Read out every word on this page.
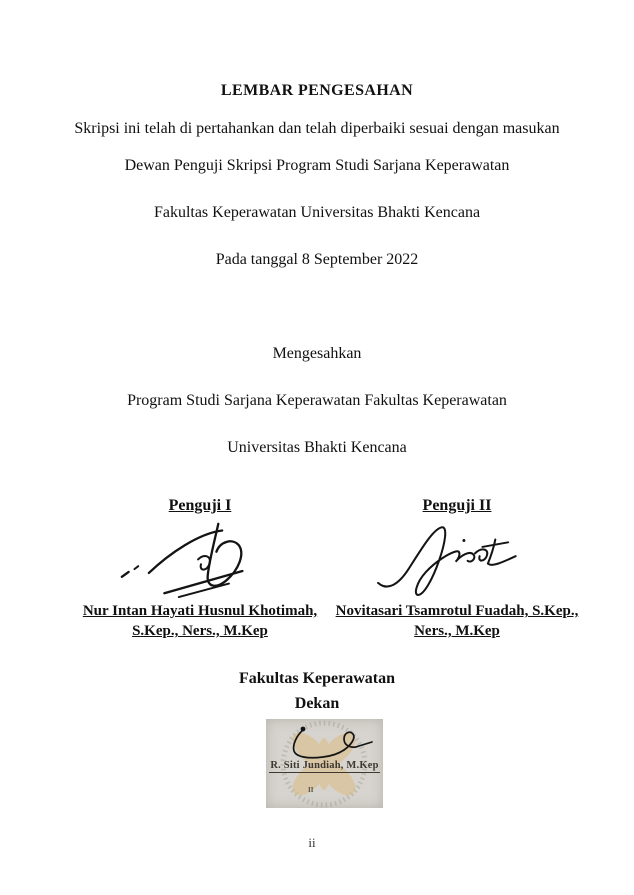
LEMBAR PENGESAHAN
Skripsi ini telah di pertahankan dan telah diperbaiki sesuai dengan masukan
Dewan Penguji Skripsi Program Studi Sarjana Keperawatan
Fakultas Keperawatan Universitas Bhakti Kencana
Pada tanggal 8 September 2022
Mengesahkan
Program Studi Sarjana Keperawatan Fakultas Keperawatan
Universitas Bhakti Kencana
Penguji I
Nur Intan Hayati Husnul Khotimah,
S.Kep., Ners., M.Kep
Penguji II
Novitasari Tsamrotul Fuadah, S.Kep.,
Ners., M.Kep
Fakultas Keperawatan
Dekan
R. Siti Jundiah, M.Kep
II
ii
